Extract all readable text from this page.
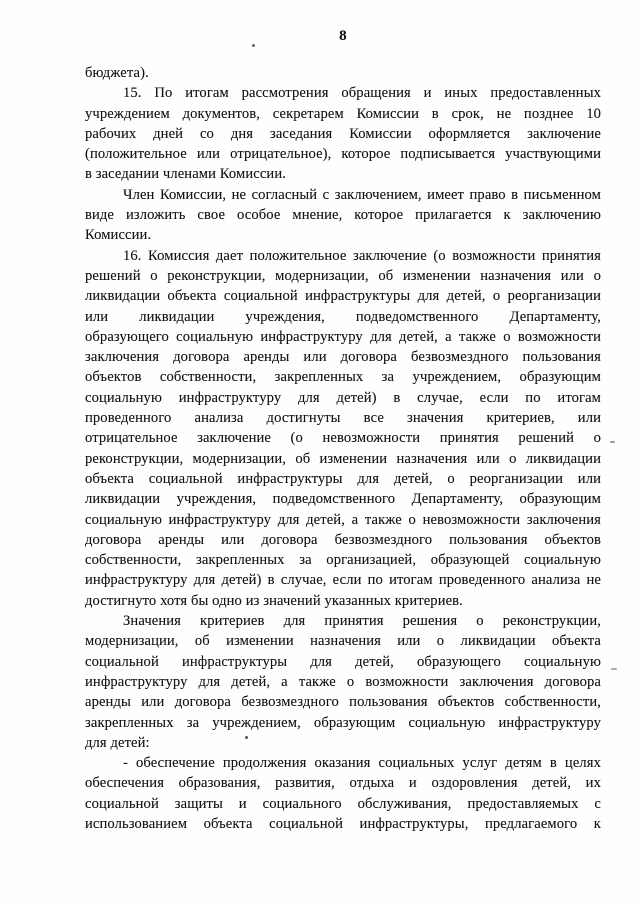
8
бюджета).
15. По итогам рассмотрения обращения и иных предоставленных
учреждением документов, секретарем Комиссии в срок, не позднее 10
рабочих дней со дня заседания Комиссии оформляется заключение
(положительное или отрицательное), которое подписывается участвующими
в заседании членами Комиссии.
Член Комиссии, не согласный с заключением, имеет право в письменном
виде изложить свое особое мнение, которое прилагается к заключению
Комиссии.
16. Комиссия дает положительное заключение (о возможности принятия
решений о реконструкции, модернизации, об изменении назначения или о
ликвидации объекта социальной инфраструктуры для детей, о реорганизации
или ликвидации учреждения, подведомственного Департаменту,
образующего социальную инфраструктуру для детей, а также о возможности
заключения договора аренды или договора безвозмездного пользования
объектов собственности, закрепленных за учреждением, образующим
социальную инфраструктуру для детей) в случае, если по итогам
проведенного анализа достигнуты все значения критериев, или
отрицательное заключение (о невозможности принятия решений о
реконструкции, модернизации, об изменении назначения или о ликвидации
объекта социальной инфраструктуры для детей, о реорганизации или
ликвидации учреждения, подведомственного Департаменту, образующим
социальную инфраструктуру для детей, а также о невозможности заключения
договора аренды или договора безвозмездного пользования объектов
собственности, закрепленных за организацией, образующей социальную
инфраструктуру для детей) в случае, если по итогам проведенного анализа не
достигнуто хотя бы одно из значений указанных критериев.
Значения критериев для принятия решения о реконструкции,
модернизации, об изменении назначения или о ликвидации объекта
социальной инфраструктуры для детей, образующего социальную
инфраструктуру для детей, а также о возможности заключения договора
аренды или договора безвозмездного пользования объектов собственности,
закрепленных за учреждением, образующим социальную инфраструктуру
для детей:
- обеспечение продолжения оказания социальных услуг детям в целях
обеспечения образования, развития, отдыха и оздоровления детей, их
социальной защиты и социального обслуживания, предоставляемых с
использованием объекта социальной инфраструктуры, предлагаемого к
